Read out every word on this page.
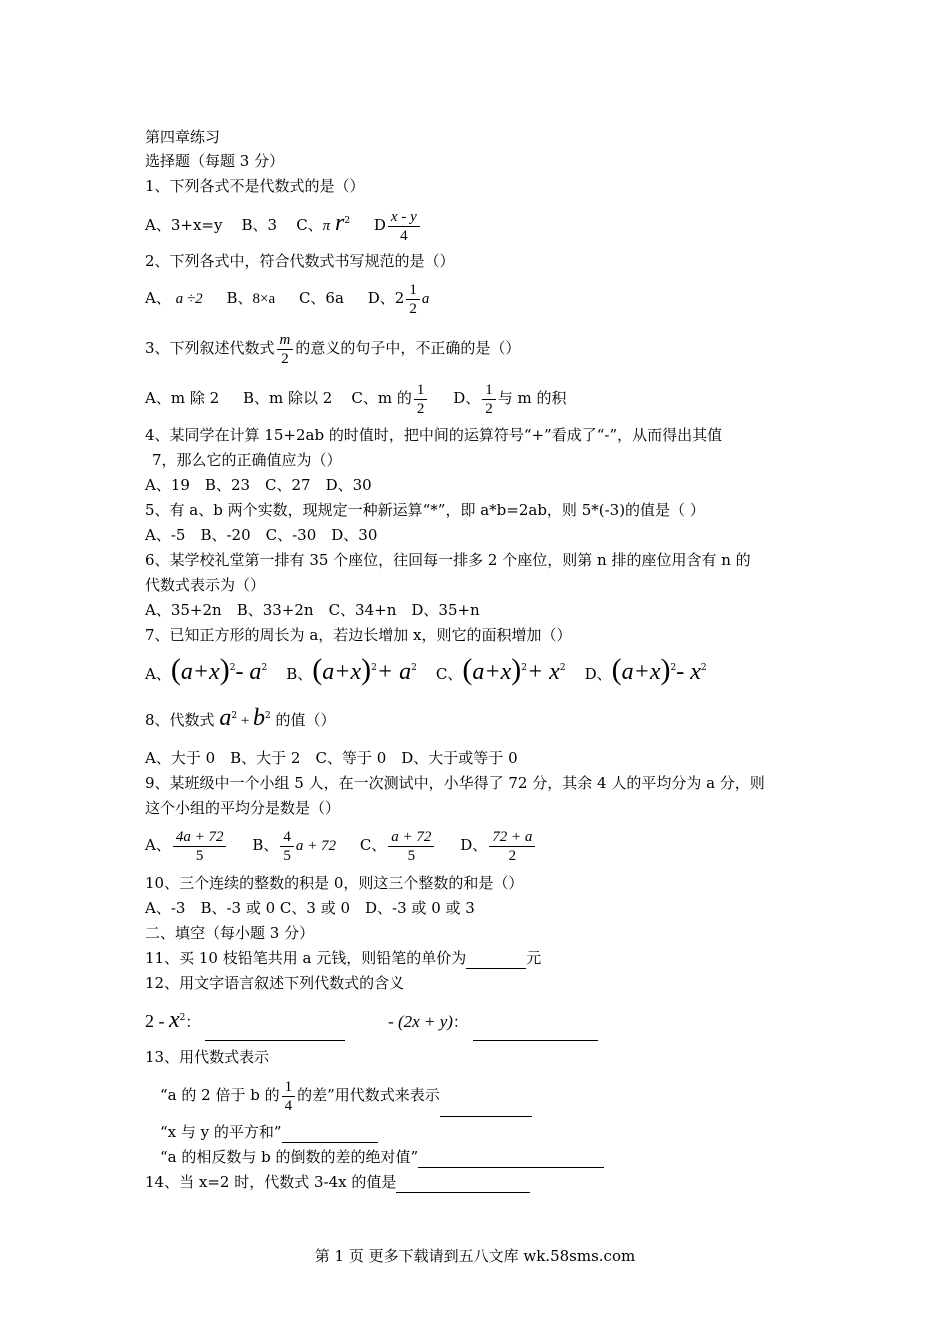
第四章练习
选择题（每题 3 分）
1、下列各式不是代数式的是（）
A、3+x=y B、3 C、π $r^2$ D $\frac{x - y}{4}$
2、下列各式中，符合代数式书写规范的是（）
A、 a ÷2 B、8×a C、6a D、$2 \frac{1}{2}$ a
3、下列叙述代数式 $\frac{m}{2}$ 的意义的句子中，不正确的是（）
A、m 除 2 B、m 除以 2 C、m 的 $\frac{1}{2}$ D、 $\frac{1}{2}$ 与 m 的积
4、某同学在计算 15+2ab 的时值时，把中间的运算符号“+”看成了“-”，从而得出其值
7，那么它的正确值应为（）
A、19　B、23　C、27　D、30
5、有 a、b 两个实数，现规定一种新运算“*”，即 a*b=2ab，则 5*(-3)的值是（ ）
A、-5　B、-20　C、-30　D、30
6、某学校礼堂第一排有 35 个座位，往回每一排多 2 个座位，则第 n 排的座位用含有 n 的
代数式表示为（）
A、35+2n　B、33+2n　C、34+n　D、35+n
7、已知正方形的周长为 a，若边长增加 x，则它的面积增加（）
A、$(a+x)^2-$ $a^2$ B、$(a+x)^2+ a^2$ C、$(a+x)^2+ x^2$ D、$(a+x)^2-$ $x^2$
8、代数式 $a^2 + b^2$ 的值（）
A、大于 0　B、大于 2　C、等于 0　D、大于或等于 0
9、某班级中一个小组 5 人，在一次测试中，小华得了 72 分，其余 4 人的平均分为 a 分，则
这个小组的平均分是数是（）
A、 $\frac{4a + 72}{5}$ B、 $\frac{4}{5}$ a + 72 C、 $\frac{a + 72}{5}$ D、 $\frac{72 + a}{2}$
10、三个连续的整数的积是 0，则这三个整数的和是（）
A、-3　B、-3 或 0 C、3 或 0　D、-3 或 0 或 3
二、填空（每小题 3 分）
11、买 10 枝铅笔共用 a 元钱，则铅笔的单价为	元
12、用文字语言叙述下列代数式的含义
$2 - x^2$：	- (2x + y)：
13、用代数式表示
“a 的 2 倍于 b 的 $\frac{1}{4}$ 的差”用代数式来表示
“x 与 y 的平方和”
“a 的相反数与 b 的倒数的差的绝对值”
14、当 x=2 时，代数式 3-4x 的值是
第 1 页 更多下载请到五八文库 wk.58sms.com
